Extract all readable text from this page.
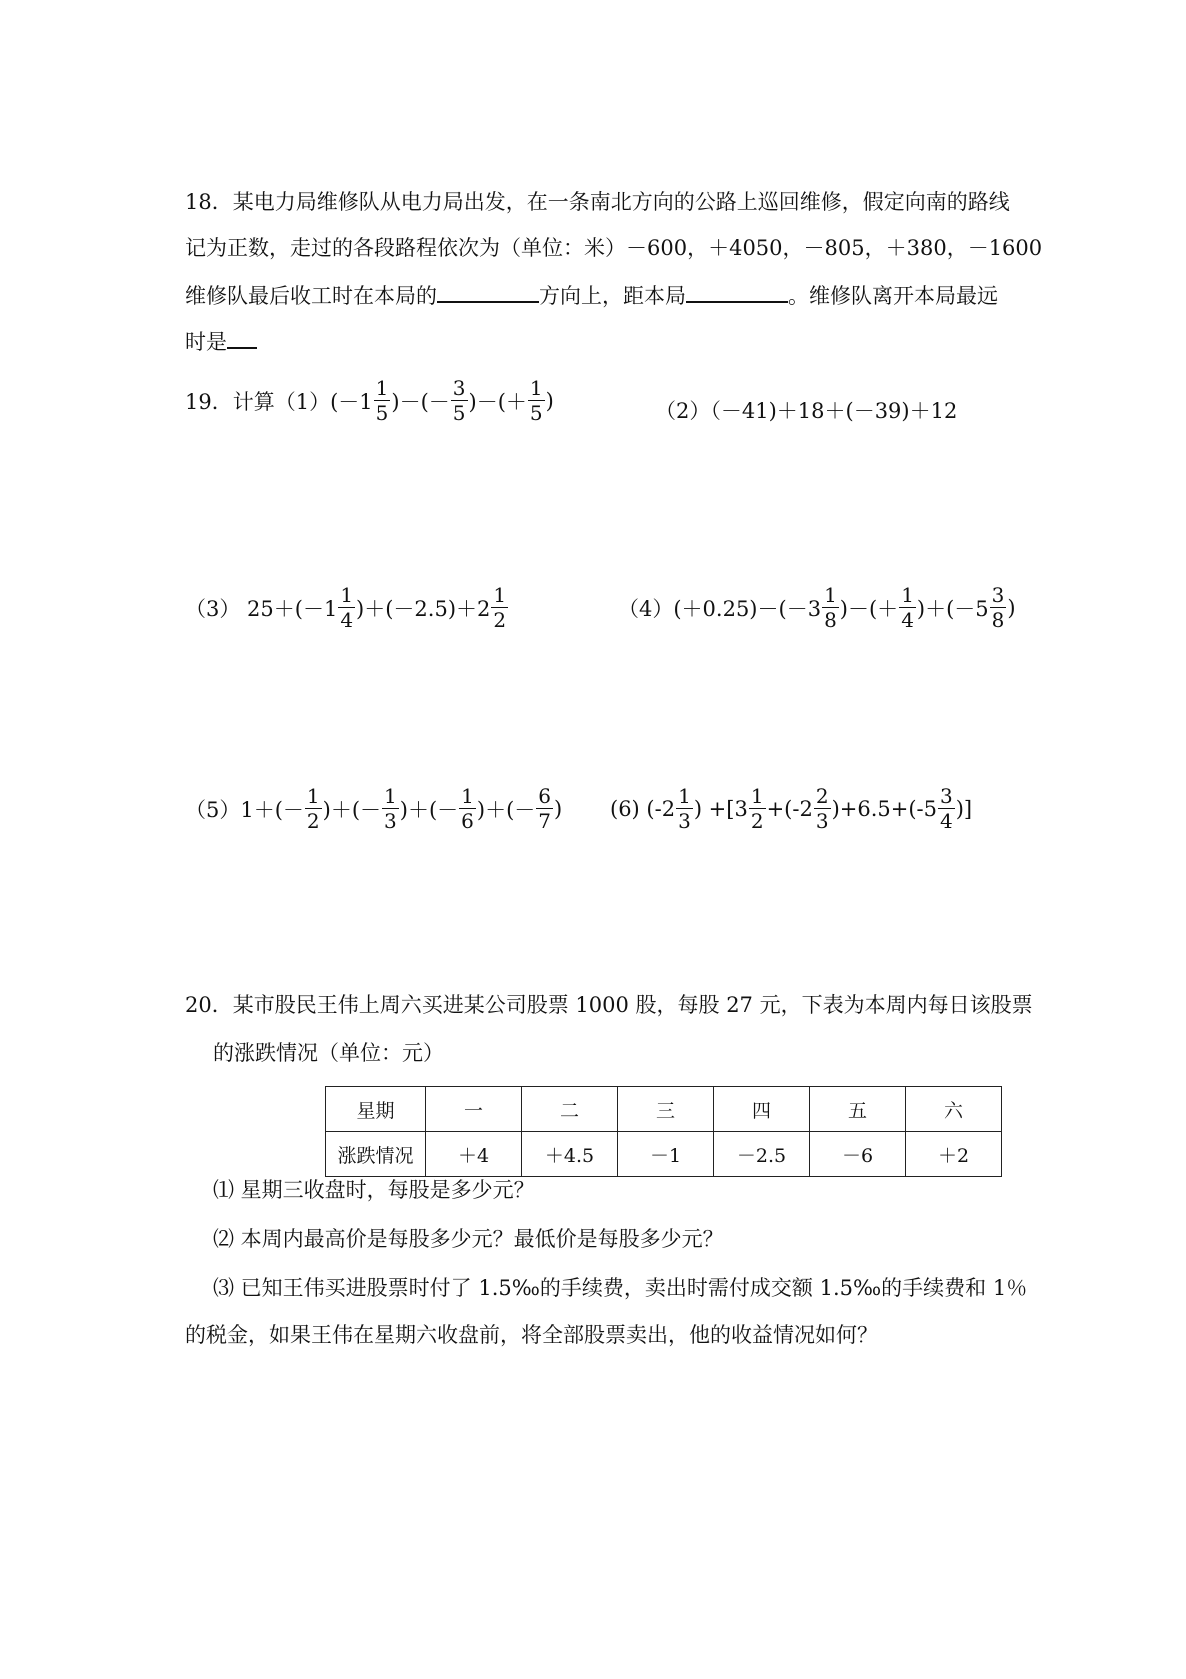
18．某电力局维修队从电力局出发，在一条南北方向的公路上巡回维修，假定向南的路线
记为正数，走过的各段路程依次为（单位：米）－600，＋4050，－805，＋380，－1600
维修队最后收工时在本局的	方向上，距本局	。维修队离开本局最远
时是
19．计算$(1)(-1 \frac{1}{5}$ )－(－ $\frac{3}{5}$ )－(＋ $\frac{1}{5}$ )	（2）（－41)＋18＋(－39)＋12
（3） $25+(-1 \frac{1}{4} )+(-2.5)+2 \frac{1}{2}$	$(4)(+0.25)-(-3 \frac{1}{8}$ )－(＋ $\frac{1}{4} )+(-5 \frac{3}{8}$ )
$(5)1+(- \frac{1}{2}$ )＋(－ $\frac{1}{3}$ )＋(－ $\frac{1}{6}$ )＋(－ $\frac{6}{7}$ ) (6) ($-2 \frac{1}{3}$ ) $+[3 \frac{1}{2} +(-2 \frac{2}{3} )+6.5+(-5 \frac{3}{4}$ )]
20．某市股民王伟上周六买进某公司股票 1000 股，每股 27 元，下表为本周内每日该股票
的涨跌情况（单位：元）
星期	一	二	三	四	五	六
涨跌情况	＋4	＋4.5	－1	－2.5	－6	＋2
⑴ 星期三收盘时，每股是多少元？
⑵ 本周内最高价是每股多少元？最低价是每股多少元？
⑶ 已知王伟买进股票时付了 1.5‰的手续费，卖出时需付成交额 1.5‰的手续费和 1％
的税金，如果王伟在星期六收盘前，将全部股票卖出，他的收益情况如何？
